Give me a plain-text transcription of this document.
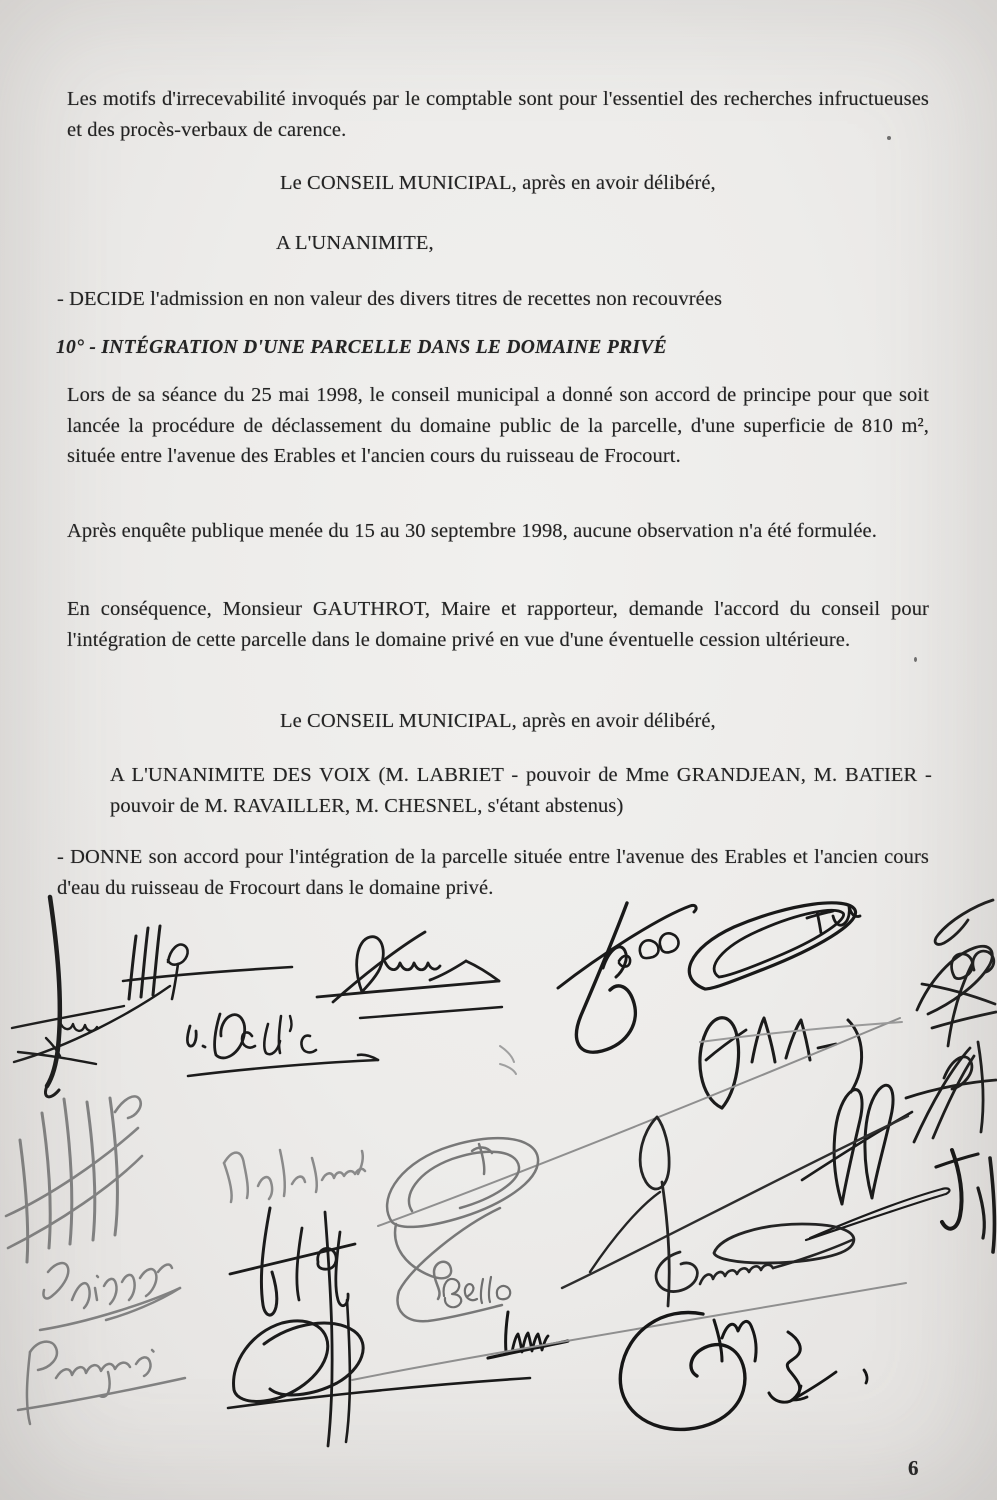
Les motifs d'irrecevabilité invoqués par le comptable sont pour l'essentiel des recherches infructueuses et des procès-verbaux de carence.
Le CONSEIL MUNICIPAL, après en avoir délibéré,
A L'UNANIMITE,
- DECIDE l'admission en non valeur des divers titres de recettes non recouvrées
10° - INTÉGRATION D'UNE PARCELLE DANS LE DOMAINE PRIVÉ
Lors de sa séance du 25 mai 1998, le conseil municipal a donné son accord de principe pour que soit lancée la procédure de déclassement du domaine public de la parcelle, d'une superficie de 810 m², située entre l'avenue des Erables et l'ancien cours du ruisseau de Frocourt.
Après enquête publique menée du 15 au 30 septembre 1998, aucune observation n'a été formulée.
En conséquence, Monsieur GAUTHROT, Maire et rapporteur, demande l'accord du conseil pour l'intégration de cette parcelle dans le domaine privé en vue d'une éventuelle cession ultérieure.
Le CONSEIL MUNICIPAL, après en avoir délibéré,
A L'UNANIMITE DES VOIX (M. LABRIET - pouvoir de Mme GRANDJEAN, M. BATIER - pouvoir de M. RAVAILLER, M. CHESNEL, s'étant abstenus)
- DONNE son accord pour l'intégration de la parcelle située entre l'avenue des Erables et l'ancien cours d'eau du ruisseau de Frocourt dans le domaine privé.
6
